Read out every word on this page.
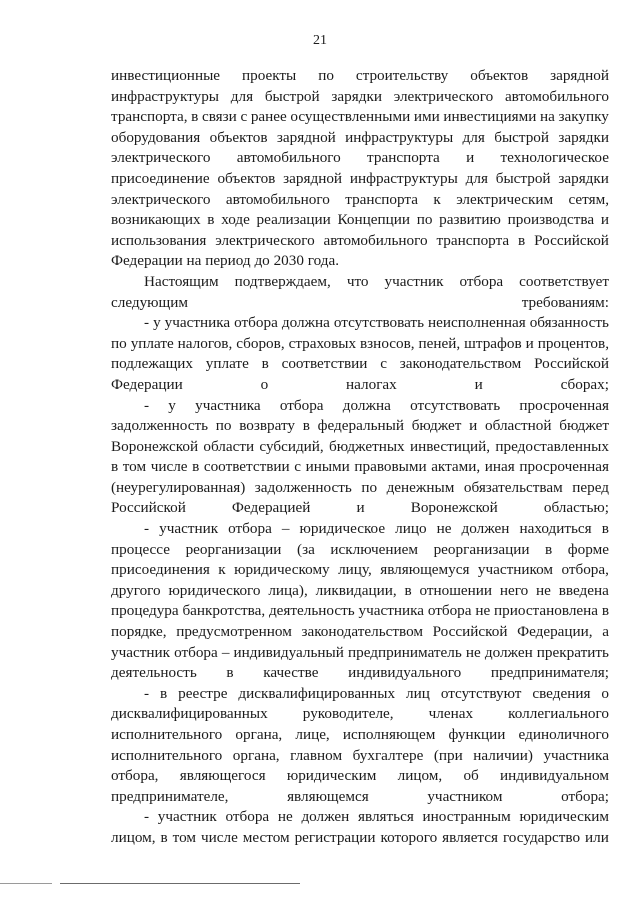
21
инвестиционные проекты по строительству объектов зарядной
инфраструктуры для быстрой зарядки электрического автомобильного
транспорта, в связи с ранее осуществленными ими инвестициями на закупку
оборудования объектов зарядной инфраструктуры для быстрой зарядки
электрического автомобильного транспорта и технологическое
присоединение объектов зарядной инфраструктуры для быстрой зарядки
электрического автомобильного транспорта к электрическим сетям,
возникающих в ходе реализации Концепции по развитию производства и
использования электрического автомобильного транспорта в Российской
Федерации на период до 2030 года.
Настоящим подтверждаем, что участник отбора соответствует
следующим требованиям:
- у участника отбора должна отсутствовать неисполненная обязанность
по уплате налогов, сборов, страховых взносов, пеней, штрафов и процентов,
подлежащих уплате в соответствии с законодательством Российской
Федерации о налогах и сборах;
- у участника отбора должна отсутствовать просроченная
задолженность по возврату в федеральный бюджет и областной бюджет
Воронежской области субсидий, бюджетных инвестиций, предоставленных
в том числе в соответствии с иными правовыми актами, иная просроченная
(неурегулированная) задолженность по денежным обязательствам перед
Российской Федерацией и Воронежской областью;
- участник отбора – юридическое лицо не должен находиться в
процессе реорганизации (за исключением реорганизации в форме
присоединения к юридическому лицу, являющемуся участником отбора,
другого юридического лица), ликвидации, в отношении него не введена
процедура банкротства, деятельность участника отбора не приостановлена в
порядке, предусмотренном законодательством Российской Федерации, а
участник отбора – индивидуальный предприниматель не должен прекратить
деятельность в качестве индивидуального предпринимателя;
- в реестре дисквалифицированных лиц отсутствуют сведения о
дисквалифицированных руководителе, членах коллегиального
исполнительного органа, лице, исполняющем функции единоличного
исполнительного органа, главном бухгалтере (при наличии) участника
отбора, являющегося юридическим лицом, об индивидуальном
предпринимателе, являющемся участником отбора;
- участник отбора не должен являться иностранным юридическим
лицом, в том числе местом регистрации которого является государство или
